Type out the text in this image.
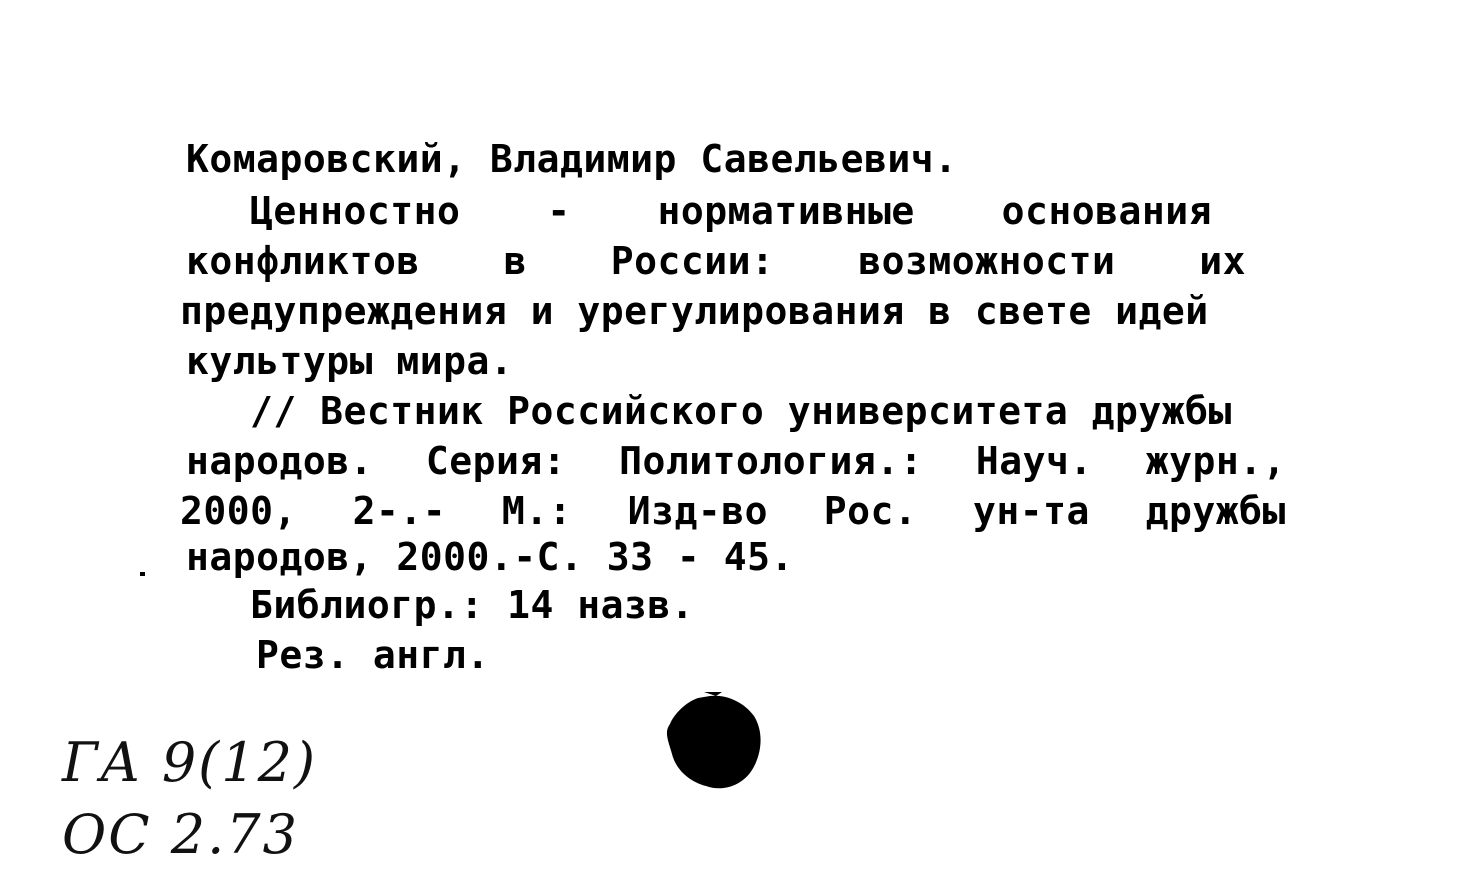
Комаровский, Владимир Савельевич.
Ценностно - нормативные основания
конфликтов в России: возможности их
предупреждения и урегулирования в свете идей
культуры мира.
// Вестник Российского университета дружбы
народов. Серия: Политология.: Науч. журн.,
2000, 2-.- М.: Изд-во Рос. ун-та дружбы
народов, 2000.-С. 33 - 45.
Библиогр.: 14 назв.
Рез. англ.
ГА 9(12)
ОС 2.73
